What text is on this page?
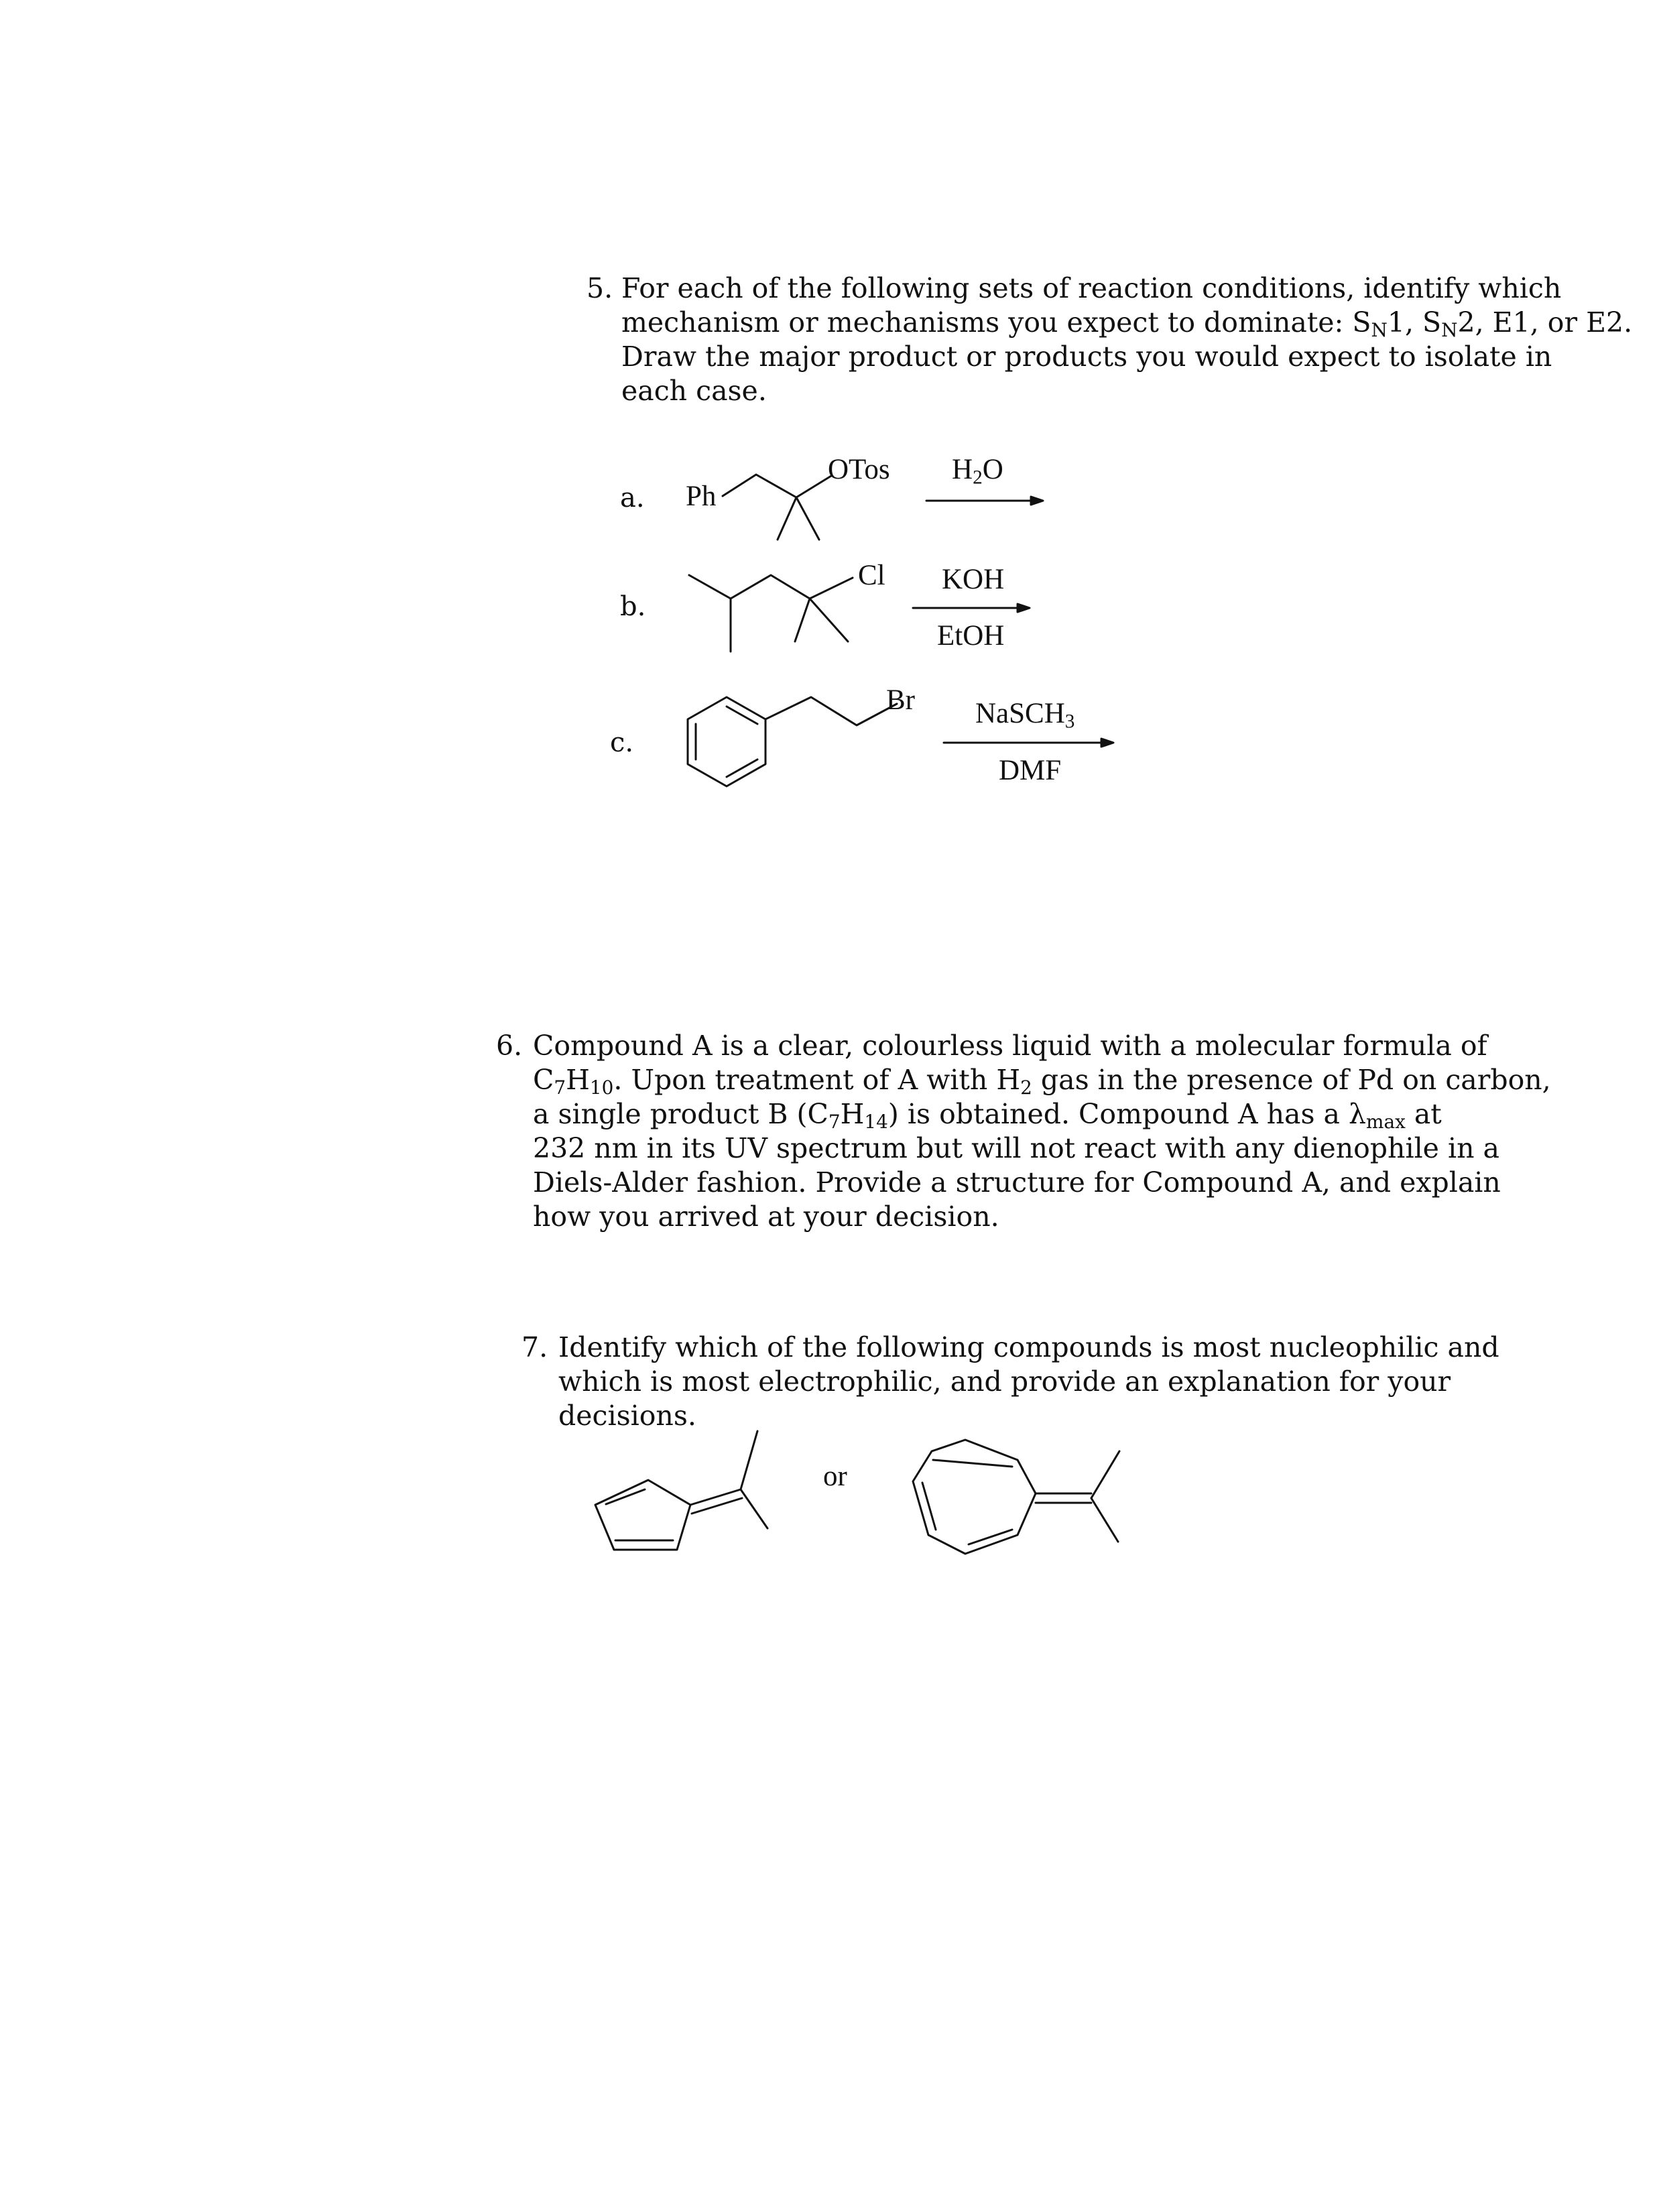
5. For each of the following sets of reaction conditions, identify which
mechanism or mechanisms you expect to dominate: $S_N1$, $S_N2$, E1, or E2.
Draw the major product or products you would expect to isolate in
each case.
a. Ph
OTos $H_2O$
b.
Cl KOH
EtOH
c.
Br NaSCH$_3$
DMF
6. Compound A is a clear, colourless liquid with a molecular formula of
$C_7H_{10}$. Upon treatment of A with $H_2$ gas in the presence of Pd on carbon,
a single product B $(C_7H_{14})$ is obtained. Compound A has a $\lambda_{max}$ at
232 nm in its UV spectrum but will not react with any dienophile in a
Diels-Alder fashion. Provide a structure for Compound A, and explain
how you arrived at your decision.
7. Identify which of the following compounds is most nucleophilic and
which is most electrophilic, and provide an explanation for your
decisions.
or
